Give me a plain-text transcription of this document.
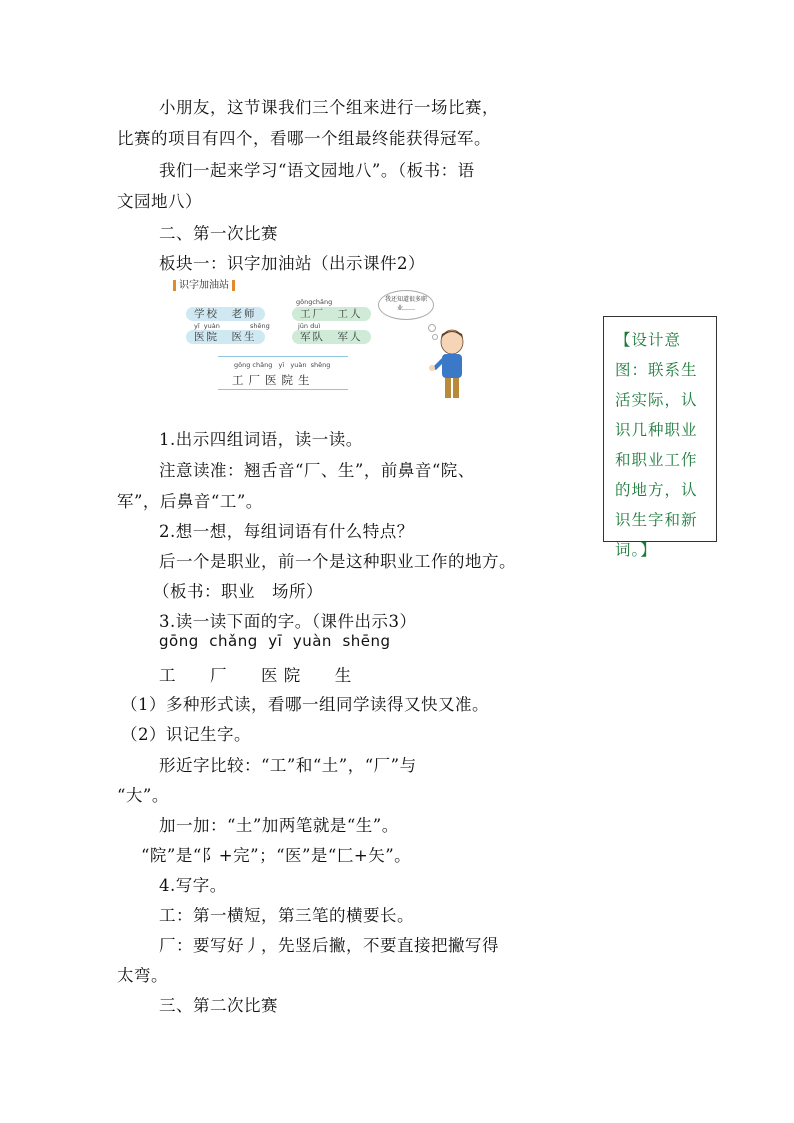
小朋友，这节课我们三个组来进行一场比赛，
比赛的项目有四个，看哪一个组最终能获得冠军。
我们一起来学习“语文园地八”。（板书：语
文园地八）
二、第一次比赛
板块一：识字加油站（出示课件2）
1.出示四组词语，读一读。
注意读准：翘舌音“厂、生”，前鼻音“院、
军”，后鼻音“工”。
2.想一想，每组词语有什么特点？
后一个是职业，前一个是这种职业工作的地方。
（板书：职业　场所）
3.读一读下面的字。（课件出示3）
gōng  chǎng  yī  yuàn  shēng
工　　厂　　医 院　　生
（1）多种形式读，看哪一组同学读得又快又准。
（2）识记生字。
形近字比较：“工”和“土”，“厂”与
“大”。
加一加：“土”加两笔就是“生”。
“院”是“阝+完”；“医”是“匚+矢”。
4.写字。
工：第一横短，第三笔的横要长。
厂：要写好丿，先竖后撇，不要直接把撇写得
太弯。
三、第二次比赛
识字加油站
gōngchǎng
学校　老师	工厂　工人
yī  yuàn	shēng	jūn duì
医院　医生	军队　军人
gōng chǎng   yī   yuàn  shēng
工厂医院生
我还知道很多职业……
【设计意图：联系生活实际，认识几种职业和职业工作的地方，认识生字和新词。】
